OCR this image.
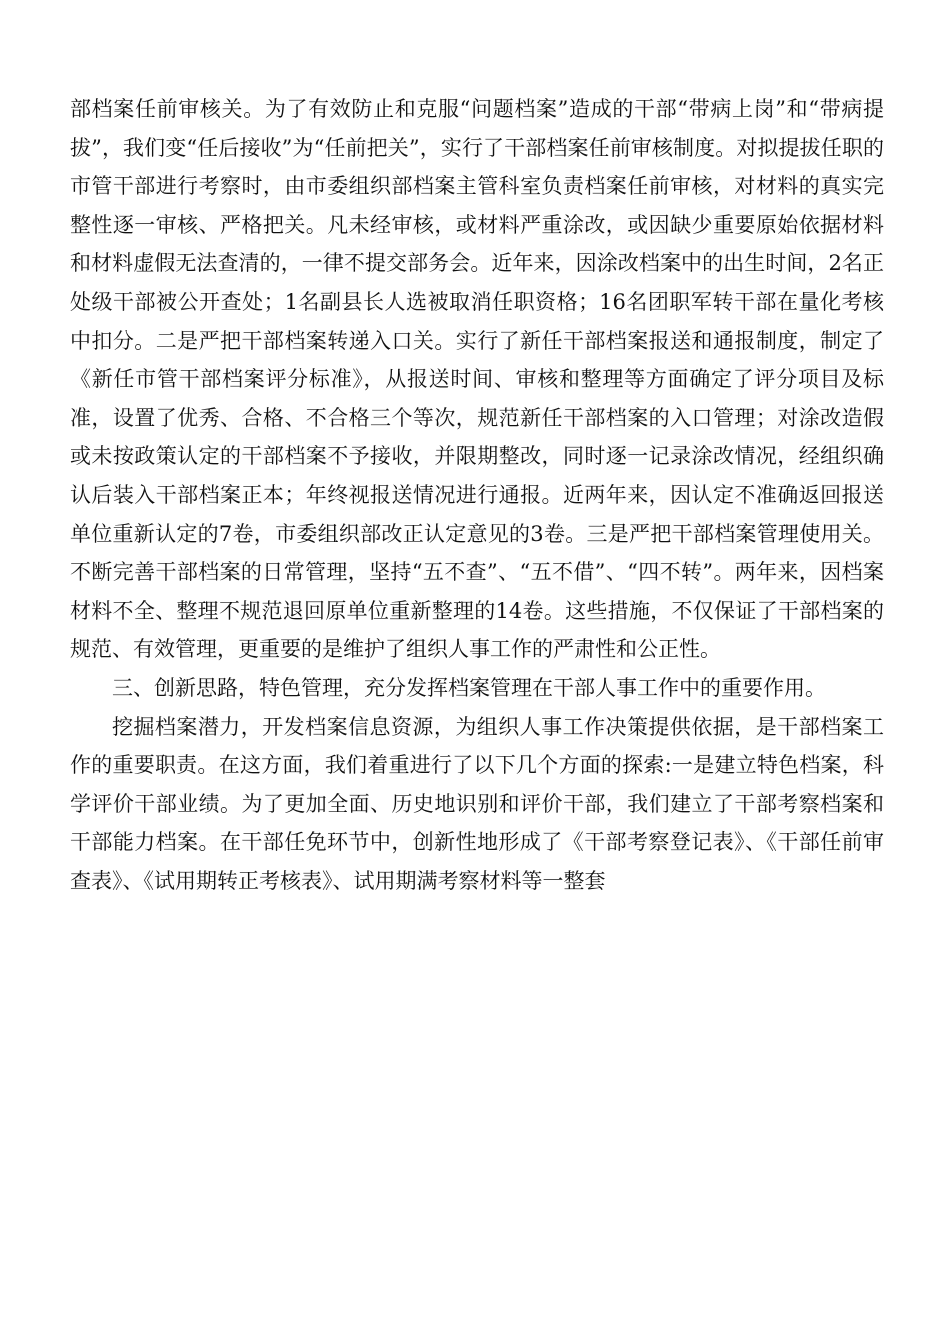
部档案任前审核关。为了有效防止和克服“问题档案”造成的干部“带病上岗”和“带病提拔”，我们变“任后接收”为“任前把关”，实行了干部档案任前审核制度。对拟提拔任职的市管干部进行考察时，由市委组织部档案主管科室负责档案任前审核，对材料的真实完整性逐一审核、严格把关。凡未经审核，或材料严重涂改，或因缺少重要原始依据材料和材料虚假无法查清的，一律不提交部务会。近年来，因涂改档案中的出生时间，2名正处级干部被公开查处；1名副县长人选被取消任职资格；16名团职军转干部在量化考核中扣分。二是严把干部档案转递入口关。实行了新任干部档案报送和通报制度，制定了《新任市管干部档案评分标准》，从报送时间、审核和整理等方面确定了评分项目及标准，设置了优秀、合格、不合格三个等次，规范新任干部档案的入口管理；对涂改造假或未按政策认定的干部档案不予接收，并限期整改，同时逐一记录涂改情况，经组织确认后装入干部档案正本；年终视报送情况进行通报。近两年来，因认定不准确返回报送单位重新认定的7卷，市委组织部改正认定意见的3卷。三是严把干部档案管理使用关。不断完善干部档案的日常管理，坚持“五不查”、“五不借”、“四不转”。两年来，因档案材料不全、整理不规范退回原单位重新整理的14卷。这些措施，不仅保证了干部档案的规范、有效管理，更重要的是维护了组织人事工作的严肃性和公正性。

三、创新思路，特色管理，充分发挥档案管理在干部人事工作中的重要作用。

挖掘档案潜力，开发档案信息资源，为组织人事工作决策提供依据，是干部档案工作的重要职责。在这方面，我们着重进行了以下几个方面的探索:一是建立特色档案，科学评价干部业绩。为了更加全面、历史地识别和评价干部，我们建立了干部考察档案和干部能力档案。在干部任免环节中，创新性地形成了《干部考察登记表》、《干部任前审查表》、《试用期转正考核表》、试用期满考察材料等一整套
